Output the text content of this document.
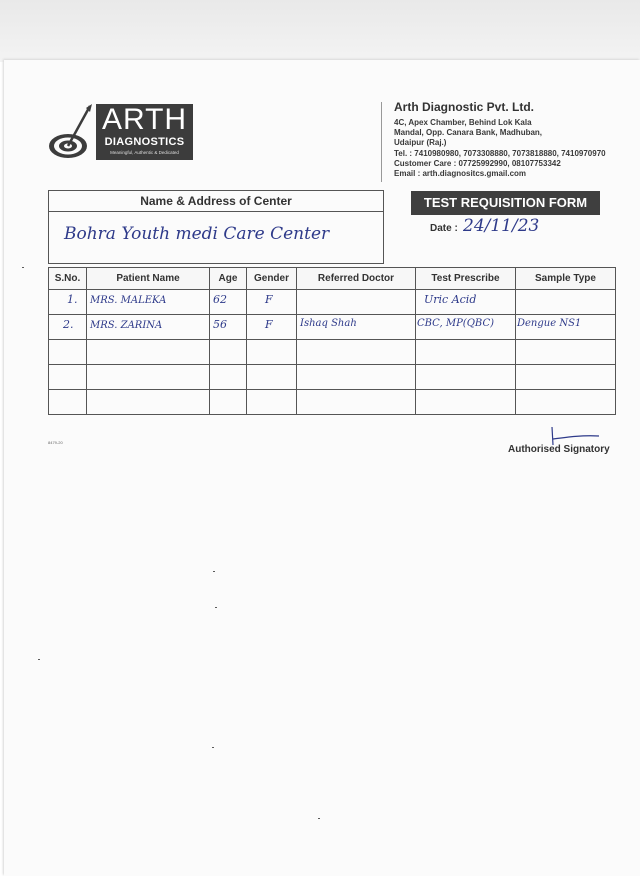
ARTH
DIAGNOSTICS
Meaningful, Authentic & Dedicated
Arth Diagnostic Pvt. Ltd.
4C, Apex Chamber, Behind Lok Kala
Mandal, Opp. Canara Bank, Madhuban,
Udaipur (Raj.)
Tel. : 7410980980, 7073308880, 7073818880, 7410970970
Customer Care : 07725992990, 08107753342
Email : arth.diagnositcs.gmail.com
Name & Address of Center
Bohra Youth medi Care Center
TEST REQUISITION FORM
Date : 24/11/23
S.No.	Patient Name	Age	Gender	Referred Doctor	Test Prescribe	Sample Type

1.	MRS. MALEKA	62	F		Uric Acid	

2.	MRS. ZARINA	56	F	Ishaq Shah	CBC, MP(QBC)	Dengue NS1

8479-20
Authorised Signatory
